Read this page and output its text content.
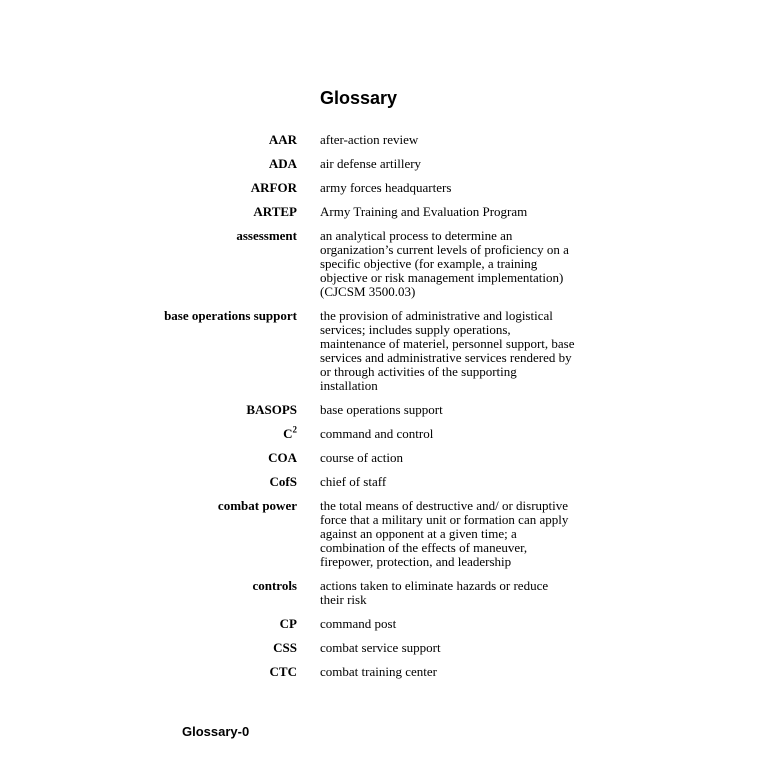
Glossary
AAR after-action review
ADA air defense artillery
ARFOR army forces headquarters
ARTEP Army Training and Evaluation Program
assessment an analytical process to determine an organization’s current levels of proficiency on a specific objective (for example, a training objective or risk management implementation) (CJCSM 3500.03)
base operations support the provision of administrative and logistical services; includes supply operations, maintenance of materiel, personnel support, base services and administrative services rendered by or through activities of the supporting installation
BASOPS base operations support
$C^2$ command and control
COA course of action
CofS chief of staff
combat power the total means of destructive and/ or disruptive force that a military unit or formation can apply against an opponent at a given time; a combination of the effects of maneuver, firepower, protection, and leadership
controls actions taken to eliminate hazards or reduce their risk
CP command post
CSS combat service support
CTC combat training center
Glossary-0
